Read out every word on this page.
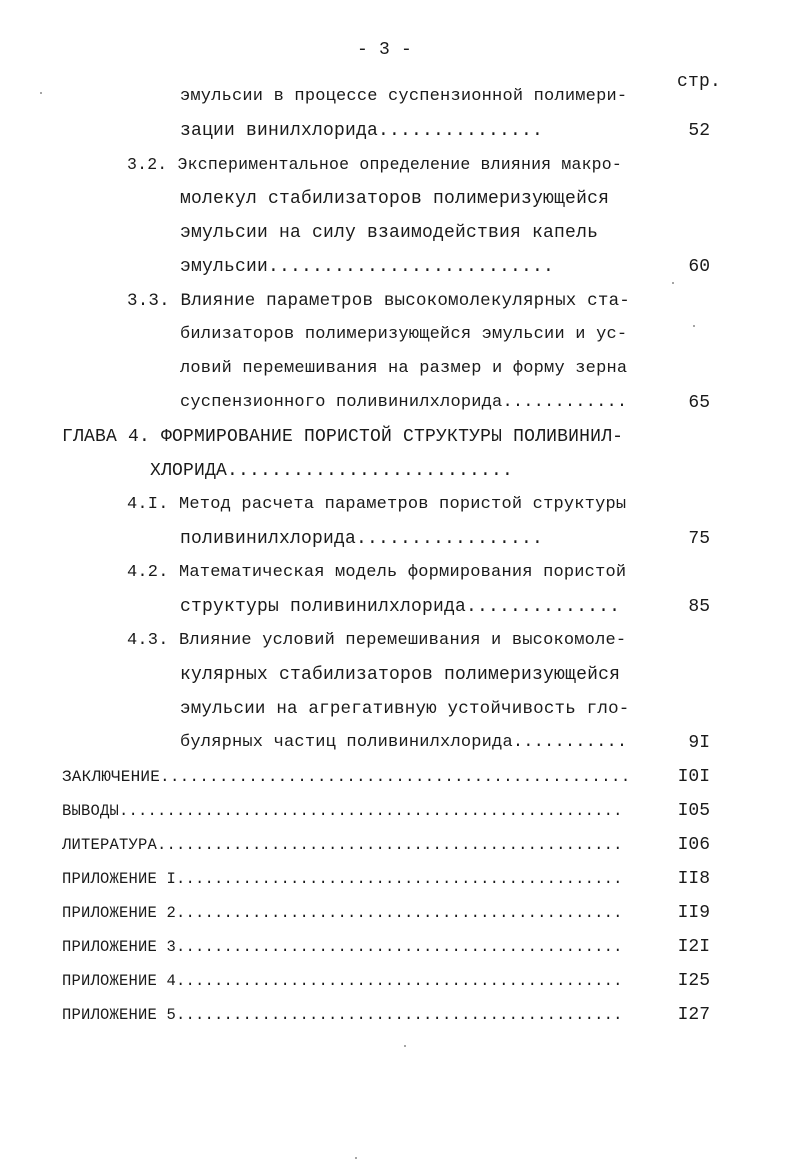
- 3 -
стр.
эмульсии в процессе суспензионной полимери-
зации винилхлорида...............	52
3.2. Экспериментальное определение влияния макро-
молекул стабилизаторов полимеризующейся
эмульсии на силу взаимодействия капель
эмульсии..........................	60
3.3. Влияние параметров высокомолекулярных ста-
билизаторов полимеризующейся эмульсии и ус-
ловий перемешивания на размер и форму зерна
суспензионного поливинилхлорида............	65
ГЛАВА 4. ФОРМИРОВАНИЕ ПОРИСТОЙ СТРУКТУРЫ ПОЛИВИНИЛ-
ХЛОРИДА..........................
4.I. Метод расчета параметров пористой структуры
поливинилхлорида.................	75
4.2. Математическая модель формирования пористой
структуры поливинилхлорида..............	85
4.3. Влияние условий перемешивания и высокомоле-
кулярных стабилизаторов полимеризующейся
эмульсии на агрегативную устойчивость гло-
булярных частиц поливинилхлорида...........	9I
ЗАКЛЮЧЕНИЕ................................................	I0I
ВЫВОДЫ.....................................................	I05
ЛИТЕРАТУРА.................................................	I06
ПРИЛОЖЕНИЕ I...............................................	II8
ПРИЛОЖЕНИЕ 2...............................................	II9
ПРИЛОЖЕНИЕ 3...............................................	I2I
ПРИЛОЖЕНИЕ 4...............................................	I25
ПРИЛОЖЕНИЕ 5...............................................	I27
